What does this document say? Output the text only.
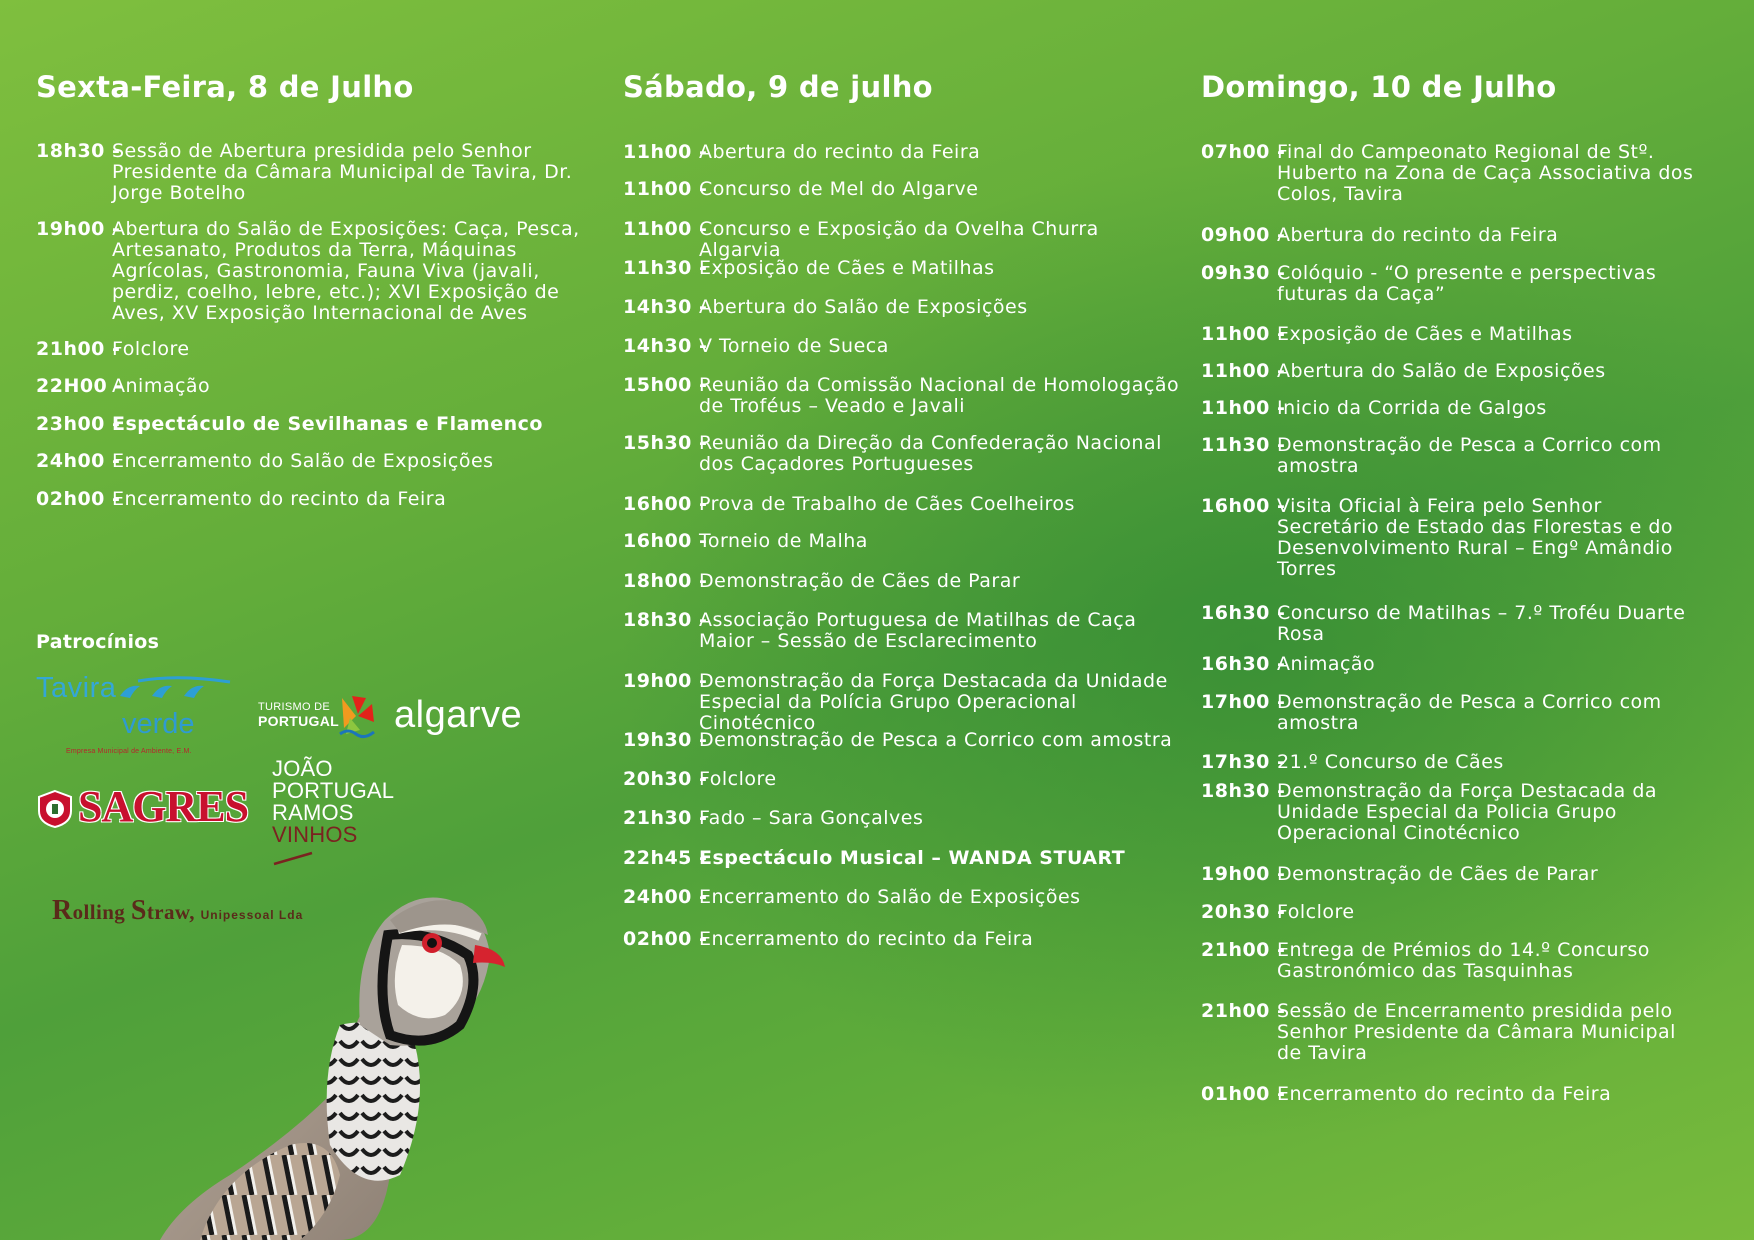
Sexta-Feira, 8 de Julho
18h30 -
Sessão de Abertura presidida pelo Senhor Presidente da Câmara Municipal de Tavira, Dr. Jorge Botelho
19h00 -
Abertura do Salão de Exposições: Caça, Pesca, Artesanato, Produtos da Terra, Máquinas Agrícolas, Gastronomia, Fauna Viva (javali, perdiz, coelho, lebre, etc.); XVI Exposição de Aves, XV Exposição Internacional de Aves
21h00 -
Folclore
22H00 -
Animação
23h00 -
Espectáculo de Sevilhanas e Flamenco
24h00 -
Encerramento do Salão de Exposições
02h00 -
Encerramento do recinto da Feira
Sábado, 9 de julho
11h00 -
Abertura do recinto da Feira
11h00 -
Concurso de Mel do Algarve
11h00 -
Concurso e Exposição da Ovelha Churra Algarvia
11h30 -
Exposição de Cães e Matilhas
14h30 -
Abertura do Salão de Exposições
14h30 -
V Torneio de Sueca
15h00 -
Reunião da Comissão Nacional de Homologação de Troféus – Veado e Javali
15h30 -
Reunião da Direção da Confederação Nacional dos Caçadores Portugueses
16h00 -
Prova de Trabalho de Cães Coelheiros
16h00 -
Torneio de Malha
18h00 -
Demonstração de Cães de Parar
18h30 -
Associação Portuguesa de Matilhas de Caça Maior – Sessão de Esclarecimento
19h00 -
Demonstração da Força Destacada da Unidade Especial da Polícia Grupo Operacional Cinotécnico
19h30 -
Demonstração de Pesca a Corrico com amostra
20h30 -
Folclore
21h30 -
Fado – Sara Gonçalves
22h45 -
Espectáculo Musical – WANDA STUART
24h00 -
Encerramento do Salão de Exposições
02h00 -
Encerramento do recinto da Feira
Domingo, 10 de Julho
07h00 -
Final do Campeonato Regional de Stº. Huberto na Zona de Caça Associativa dos Colos, Tavira
09h00 -
Abertura do recinto da Feira
09h30 -
Colóquio - “O presente e perspectivas futuras da Caça”
11h00 -
Exposição de Cães e Matilhas
11h00 -
Abertura do Salão de Exposições
11h00 -
Inicio da Corrida de Galgos
11h30 -
Demonstração de Pesca a Corrico com amostra
16h00 -
Visita Oficial à Feira pelo Senhor Secretário de Estado das Florestas e do Desenvolvimento Rural – Engº Amândio Torres
16h30 -
Concurso de Matilhas – 7.º Troféu Duarte Rosa
16h30 -
Animação
17h00 -
Demonstração de Pesca a Corrico com amostra
17h30 -
21.º Concurso de Cães
18h30 -
Demonstração da Força Destacada da Unidade Especial da Policia Grupo Operacional Cinotécnico
19h00 -
Demonstração de Cães de Parar
20h30 -
Folclore
21h00 -
Entrega de Prémios do 14.º Concurso Gastronómico das Tasquinhas
21h00 -
Sessão de Encerramento presidida pelo Senhor Presidente da Câmara Municipal de Tavira
01h00 -
Encerramento do recinto da Feira
Patrocínios
Tavira
verde
Empresa Municipal de Ambiente, E.M.
TURISMO DE
PORTUGAL algarve
SAGRES
JOÃO
PORTUGAL
RAMOS
VINHOS
Rolling Straw, Unipessoal Lda
